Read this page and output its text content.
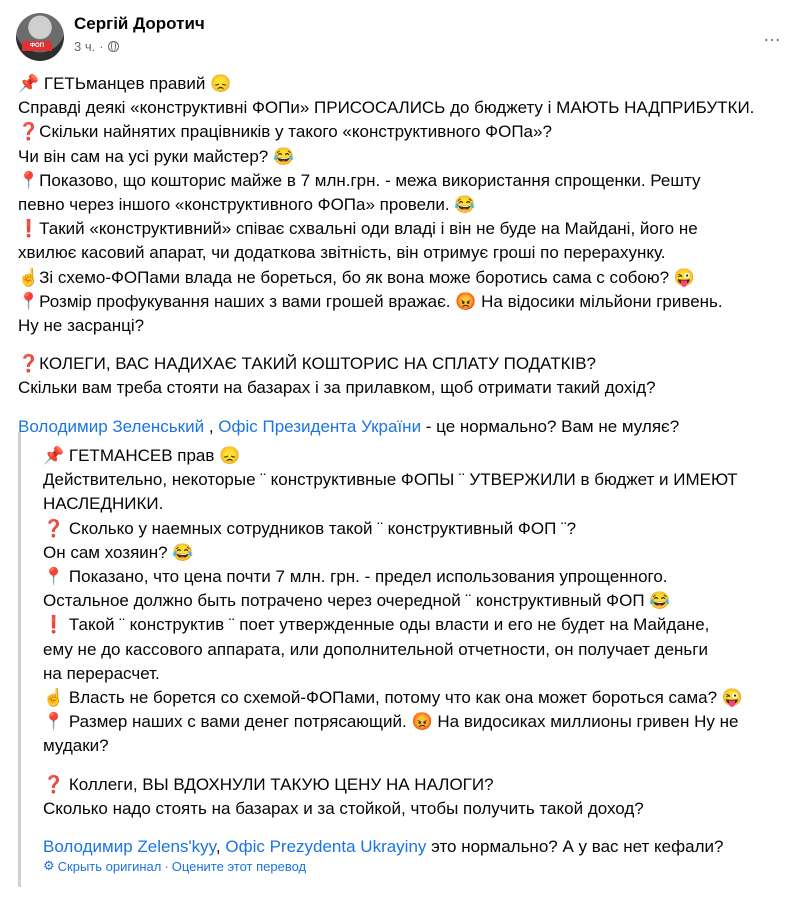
ФОП
Сергій Доротич
3 ч. ·
…
📌 ГЕТЬманцев правий 😞
Справді деякі «конструктивні ФОПи» ПРИСОСАЛИСЬ до бюджету і МАЮТЬ НАДПРИБУТКИ.
❓Скільки найнятих працівників у такого «конструктивного ФОПа»?
Чи він сам на усі руки майстер? 😂
📍Показово, що кошторис майже в 7 млн.грн. - межа використання спрощенки. Решту
певно через іншого «конструктивного ФОПа» провели. 😂
❗Такий «конструктивний» співає схвальні оди владі і він не буде на Майдані, його не
хвилює касовий апарат, чи додаткова звітність, він отримує гроші по перерахунку.
☝️Зі схемо-ФОПами влада не бореться, бо як вона може боротись сама с собою? 😜
📍Розмір профукування наших з вами грошей вражає. 😡 На відосики мільйони гривень.
Ну не засранці?
❓КОЛЕГИ, ВАС НАДИХАЄ ТАКИЙ КОШТОРИС НА СПЛАТУ ПОДАТКІВ?
Скільки вам треба стояти на базарах і за прилавком, щоб отримати такий дохід?
Володимир Зеленський , Офіс Президента України - це нормально? Вам не муляє?
📌 ГЕТМАНСЕВ прав 😞
Действительно, некоторые ¨ конструктивные ФОПЫ ¨ УТВЕРЖИЛИ в бюджет и ИМЕЮТ
НАСЛЕДНИКИ.
❓ Сколько у наемных сотрудников такой ¨ конструктивный ФОП ¨?
Он сам хозяин? 😂
📍 Показано, что цена почти 7 млн. грн. - предел использования упрощенного.
Остальное должно быть потрачено через очередной ¨ конструктивный ФОП 😂
❗ Такой ¨ конструктив ¨ поет утвержденные оды власти и его не будет на Майдане,
ему не до кассового аппарата, или дополнительной отчетности, он получает деньги
на перерасчет.
☝️ Власть не борется со схемой-ФОПами, потому что как она может бороться сама? 😜
📍 Размер наших с вами денег потрясающий. 😡 На видосиках миллионы гривен Ну не
мудаки?
❓ Коллеги, ВЫ ВДОХНУЛИ ТАКУЮ ЦЕНУ НА НАЛОГИ?
Сколько надо стоять на базарах и за стойкой, чтобы получить такой доход?
Володимир Zelens'kyy, Офіс Prezydenta Ukrayiny это нормально? А у вас нет кефали?
⚙ Скрыть оригинал · Оцените этот перевод
